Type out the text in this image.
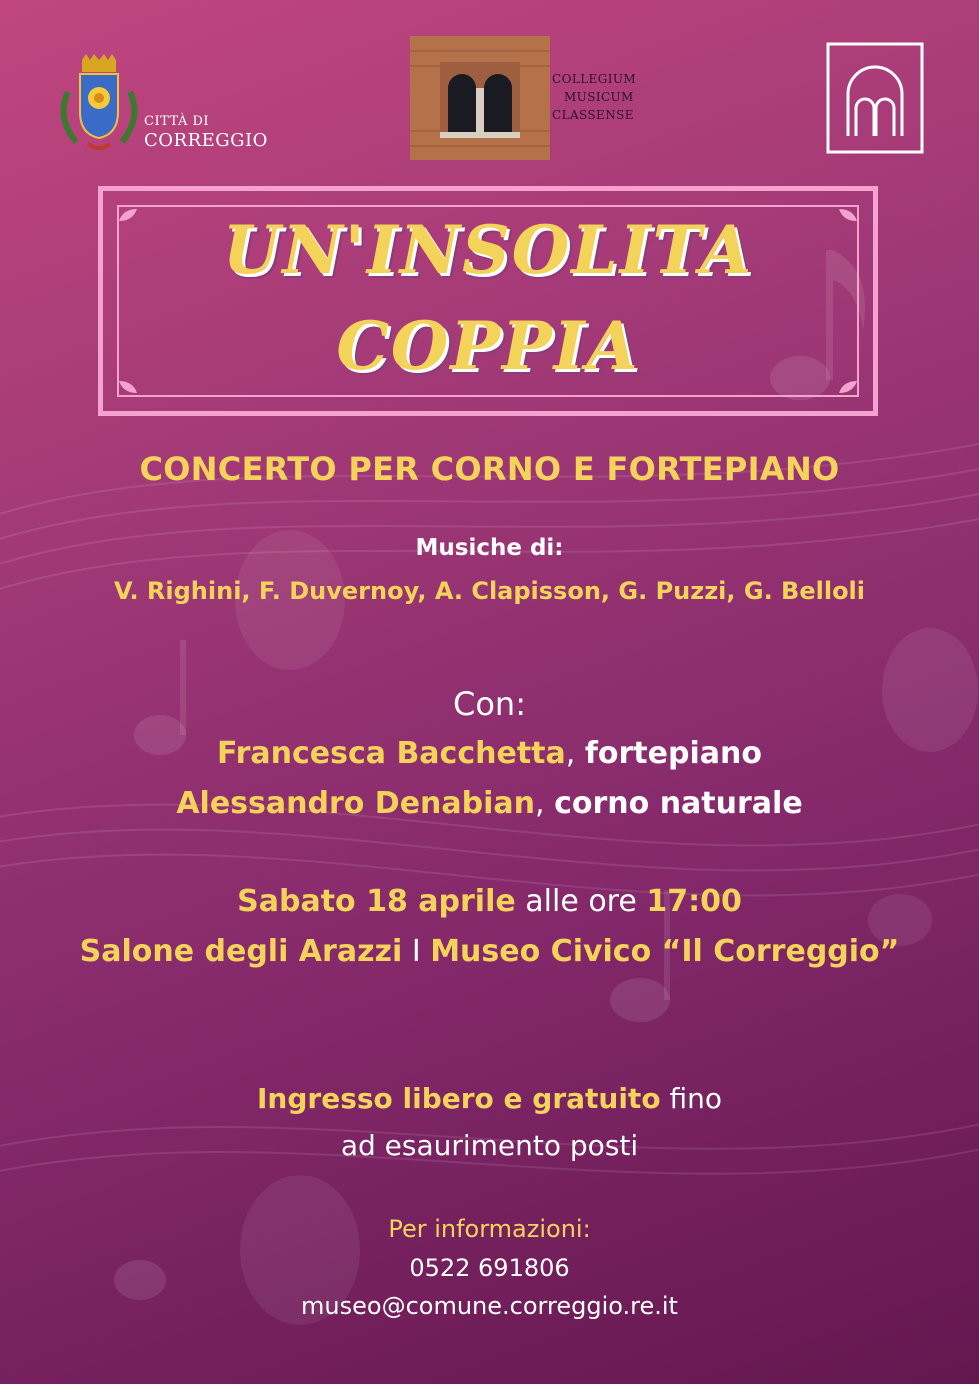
CITTÀ DI
CORREGGIO
COLLEGIUM
MUSICUM
CLASSENSE
UN'INSOLITA
COPPIA
CONCERTO PER CORNO E FORTEPIANO
Musiche di:
V. Righini, F. Duvernoy, A. Clapisson, G. Puzzi, G. Belloli
Con:
Francesca Bacchetta, fortepiano
Alessandro Denabian, corno naturale
Sabato 18 aprile alle ore 17:00
Salone degli Arazzi I Museo Civico “Il Correggio”
Ingresso libero e gratuito fino
ad esaurimento posti
Per informazioni:
0522 691806
museo@comune.correggio.re.it
